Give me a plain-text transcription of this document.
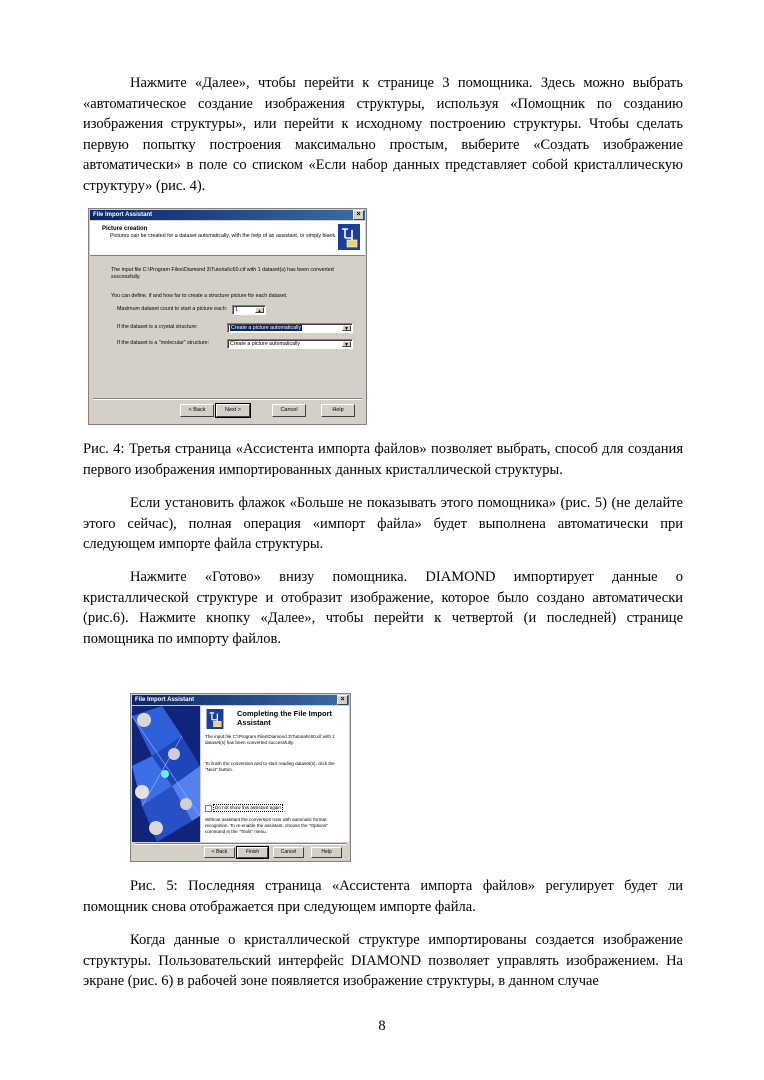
Нажмите «Далее», чтобы перейти к странице 3 помощника. Здесь можно выбрать «автоматическое создание изображения структуры, используя «Помощник по созданию изображения структуры», или перейти к исходному построению структуры. Чтобы сделать первую попытку построения максимально простым, выберите «Создать изображение автоматически» в поле со списком «Если набор данных представляет собой кристаллическую структуру» (рис. 4).

File Import Assistant	×
Picture creation
Pictures can be created for a dataset automatically, with the help of an assistant, or simply blank.
The input file C:\Program Files\Diamond 3\Tutorial\c60.cif with 1 dataset(s) has been converted successfully.
You can define, if and how far to create a structure picture for each dataset.
Maximum dataset count to start a picture each:	1	▲
If the dataset is a crystal structure:	Create a picture automatically	▼
If the dataset is a "molecular" structure:	Create a picture automatically	▼
< Back	Next >	Cancel	Help

Рис. 4: Третья страница «Ассистента импорта файлов» позволяет выбрать, способ для создания первого изображения импортированных данных кристаллической структуры.

Если установить флажок «Больше не показывать этого помощника» (рис. 5) (не делайте этого сейчас), полная операция «импорт файла» будет выполнена автоматически при следующем импорте файла структуры.

Нажмите «Готово» внизу помощника. DIAMOND импортирует данные о кристаллической структуре и отобразит изображение, которое было создано автоматически (рис.6). Нажмите кнопку «Далее», чтобы перейти к четвертой (и последней) странице помощника по импорту файлов.

File Import Assistant	×
Completing the File Import Assistant
The input file C:\Program Files\Diamond 3\Tutorial\c60.cif with 1 dataset(s) has been converted successfully.
To finish the conversion and to start reading dataset(s), click the "Next" button.
Do not show this assistant again
Without assistant the conversion runs with automatic format recognition. To re-enable the assistant, choose the "Options" command in the "Tools" menu.
< Back	Finish	Cancel	Help

Рис. 5: Последняя страница «Ассистента импорта файлов» регулирует будет ли помощник снова отображается при следующем импорте файла.

Когда данные о кристаллической структуре импортированы создается изображение структуры. Пользовательский интерфейс DIAMOND позволяет управлять изображением. На экране (рис. 6) в рабочей зоне появляется изображение структуры, в данном случае

8
